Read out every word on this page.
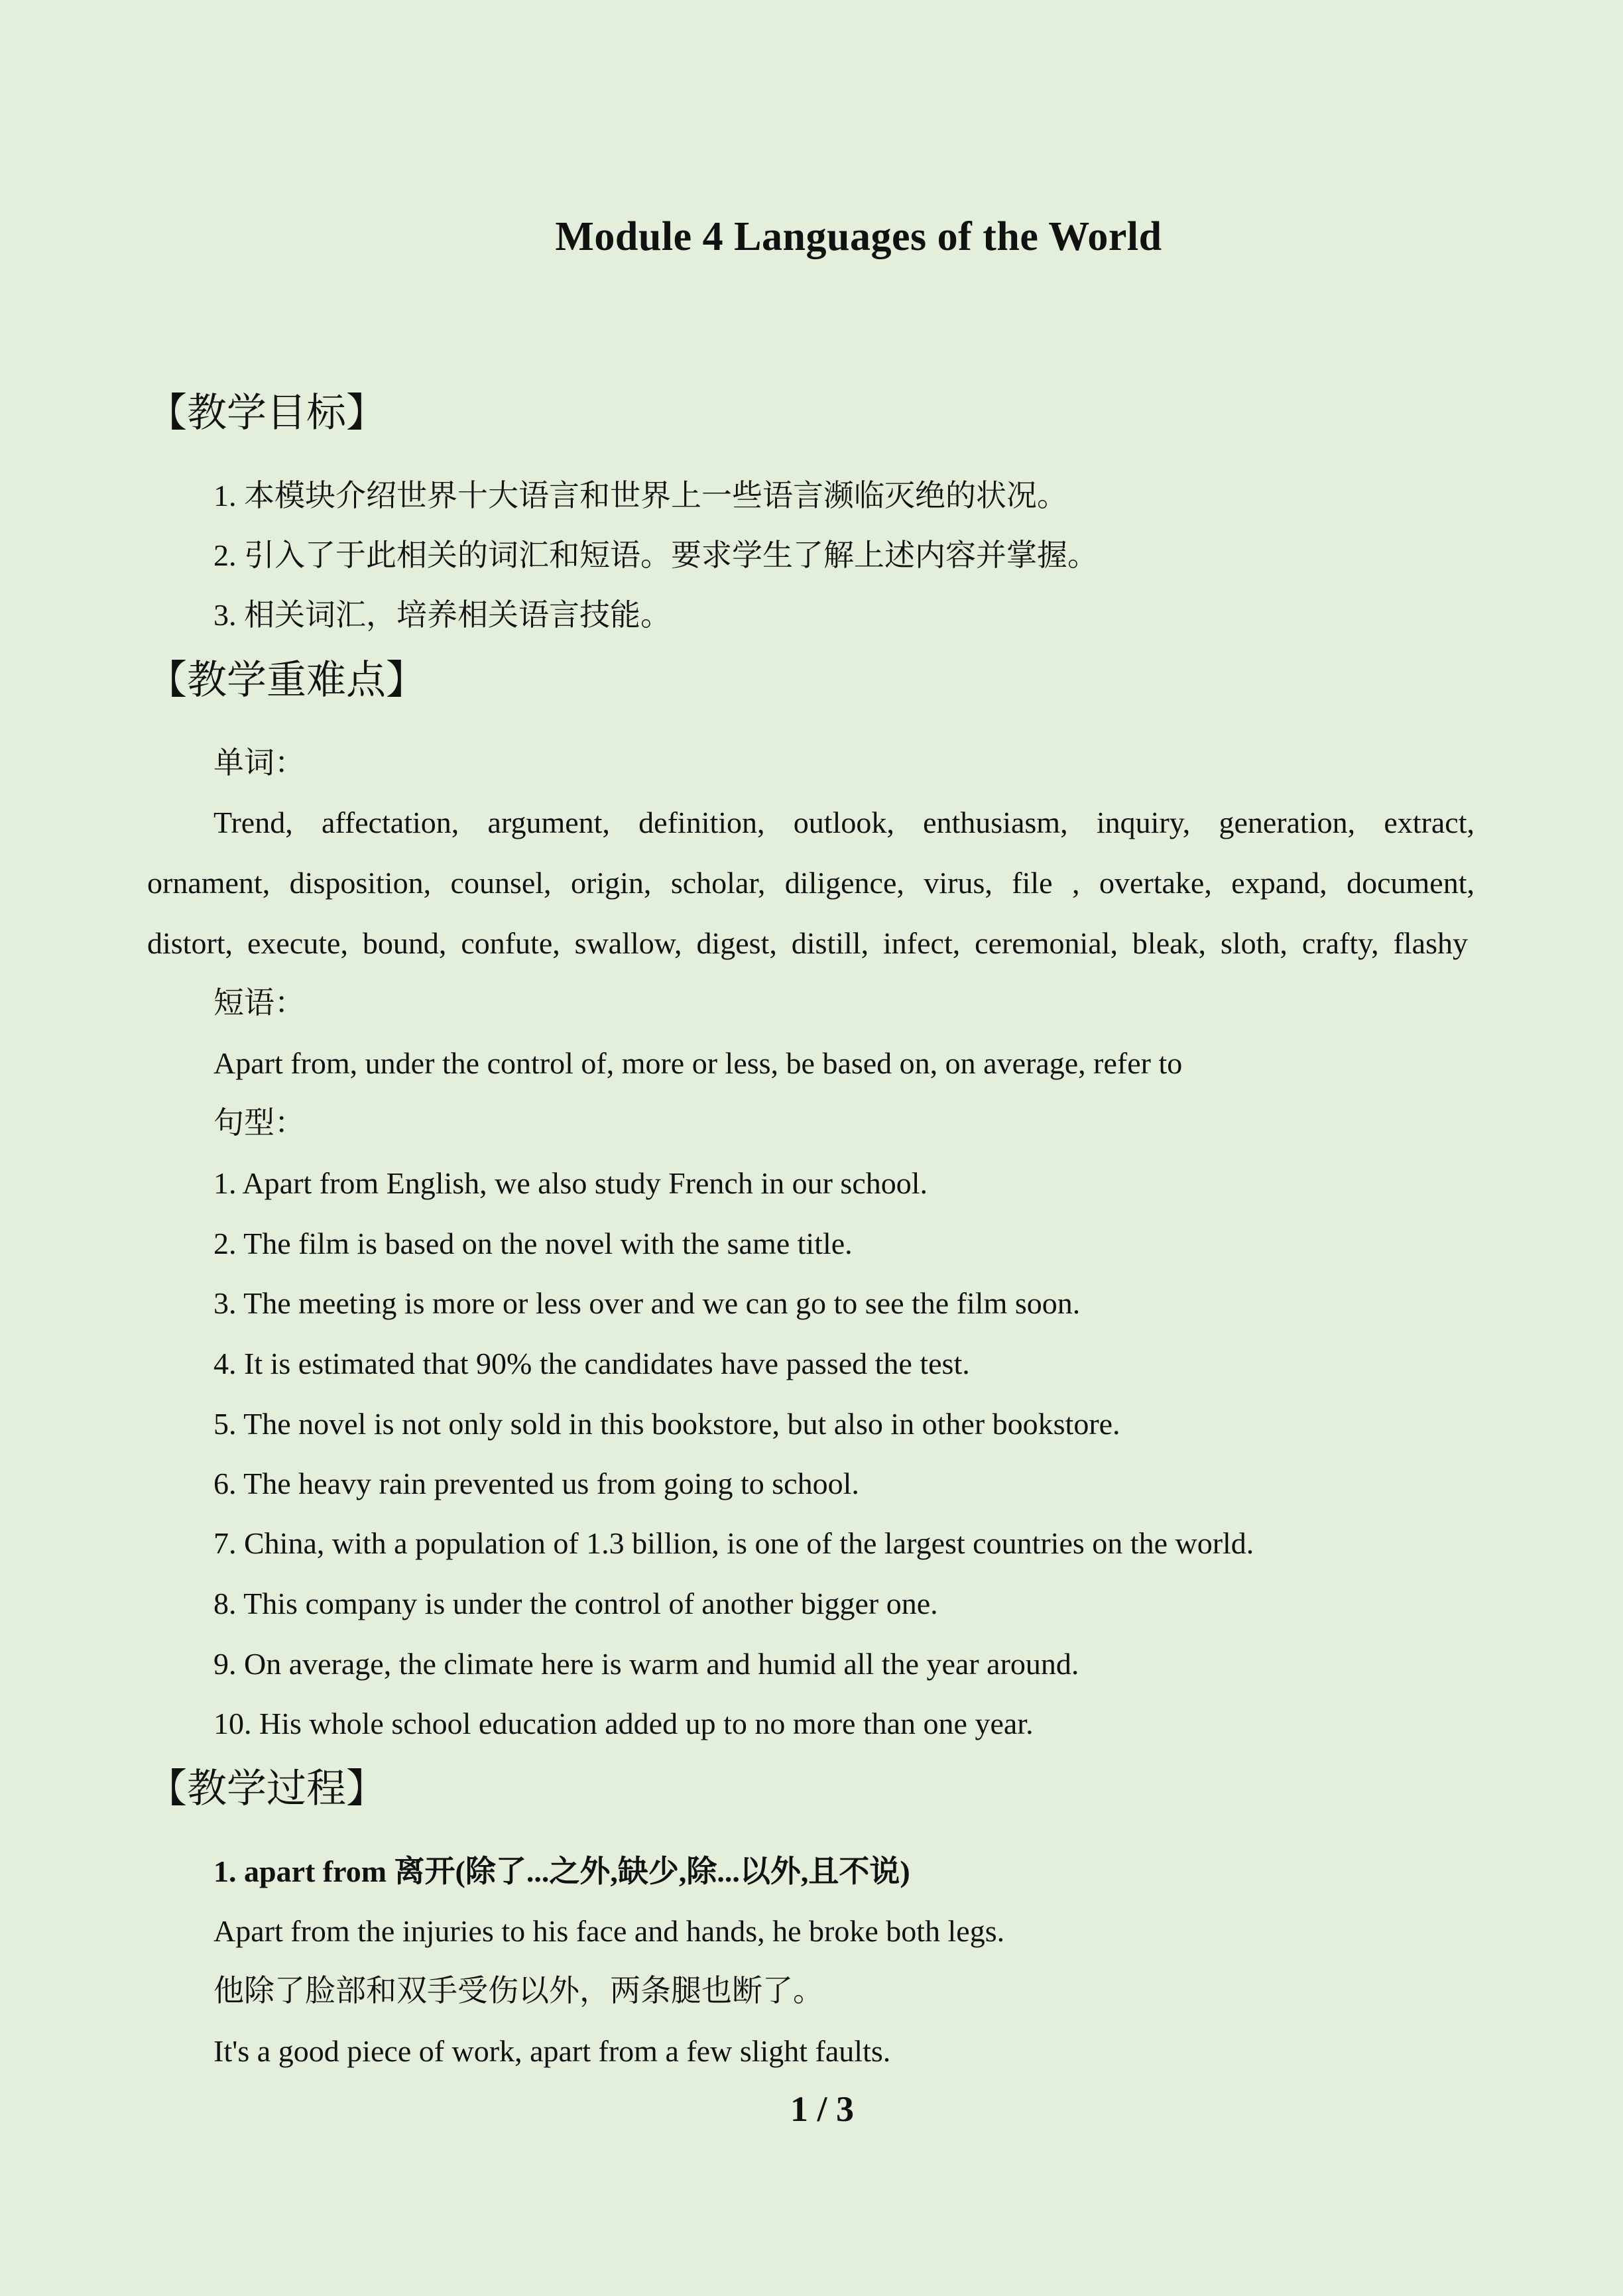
Module 4 Languages of the World
【教学目标】
1. 本模块介绍世界十大语言和世界上一些语言濒临灭绝的状况。
2. 引入了于此相关的词汇和短语。要求学生了解上述内容并掌握。
3. 相关词汇，培养相关语言技能。
【教学重难点】
单词：
Trend, affectation, argument, definition, outlook, enthusiasm, inquiry, generation, extract,
ornament, disposition, counsel, origin, scholar, diligence, virus, file , overtake, expand, document,
distort, execute, bound, confute, swallow, digest, distill, infect, ceremonial, bleak, sloth, crafty, flashy
短语：
Apart from, under the control of, more or less, be based on, on average, refer to
句型：
1. Apart from English, we also study French in our school.
2. The film is based on the novel with the same title.
3. The meeting is more or less over and we can go to see the film soon.
4. It is estimated that 90% the candidates have passed the test.
5. The novel is not only sold in this bookstore, but also in other bookstore.
6. The heavy rain prevented us from going to school.
7. China, with a population of 1.3 billion, is one of the largest countries on the world.
8. This company is under the control of another bigger one.
9. On average, the climate here is warm and humid all the year around.
10. His whole school education added up to no more than one year.
【教学过程】
1. apart from 离开(除了...之外,缺少,除...以外,且不说)
Apart from the injuries to his face and hands, he broke both legs.
他除了脸部和双手受伤以外，两条腿也断了。
It's a good piece of work, apart from a few slight faults.
1 / 3
